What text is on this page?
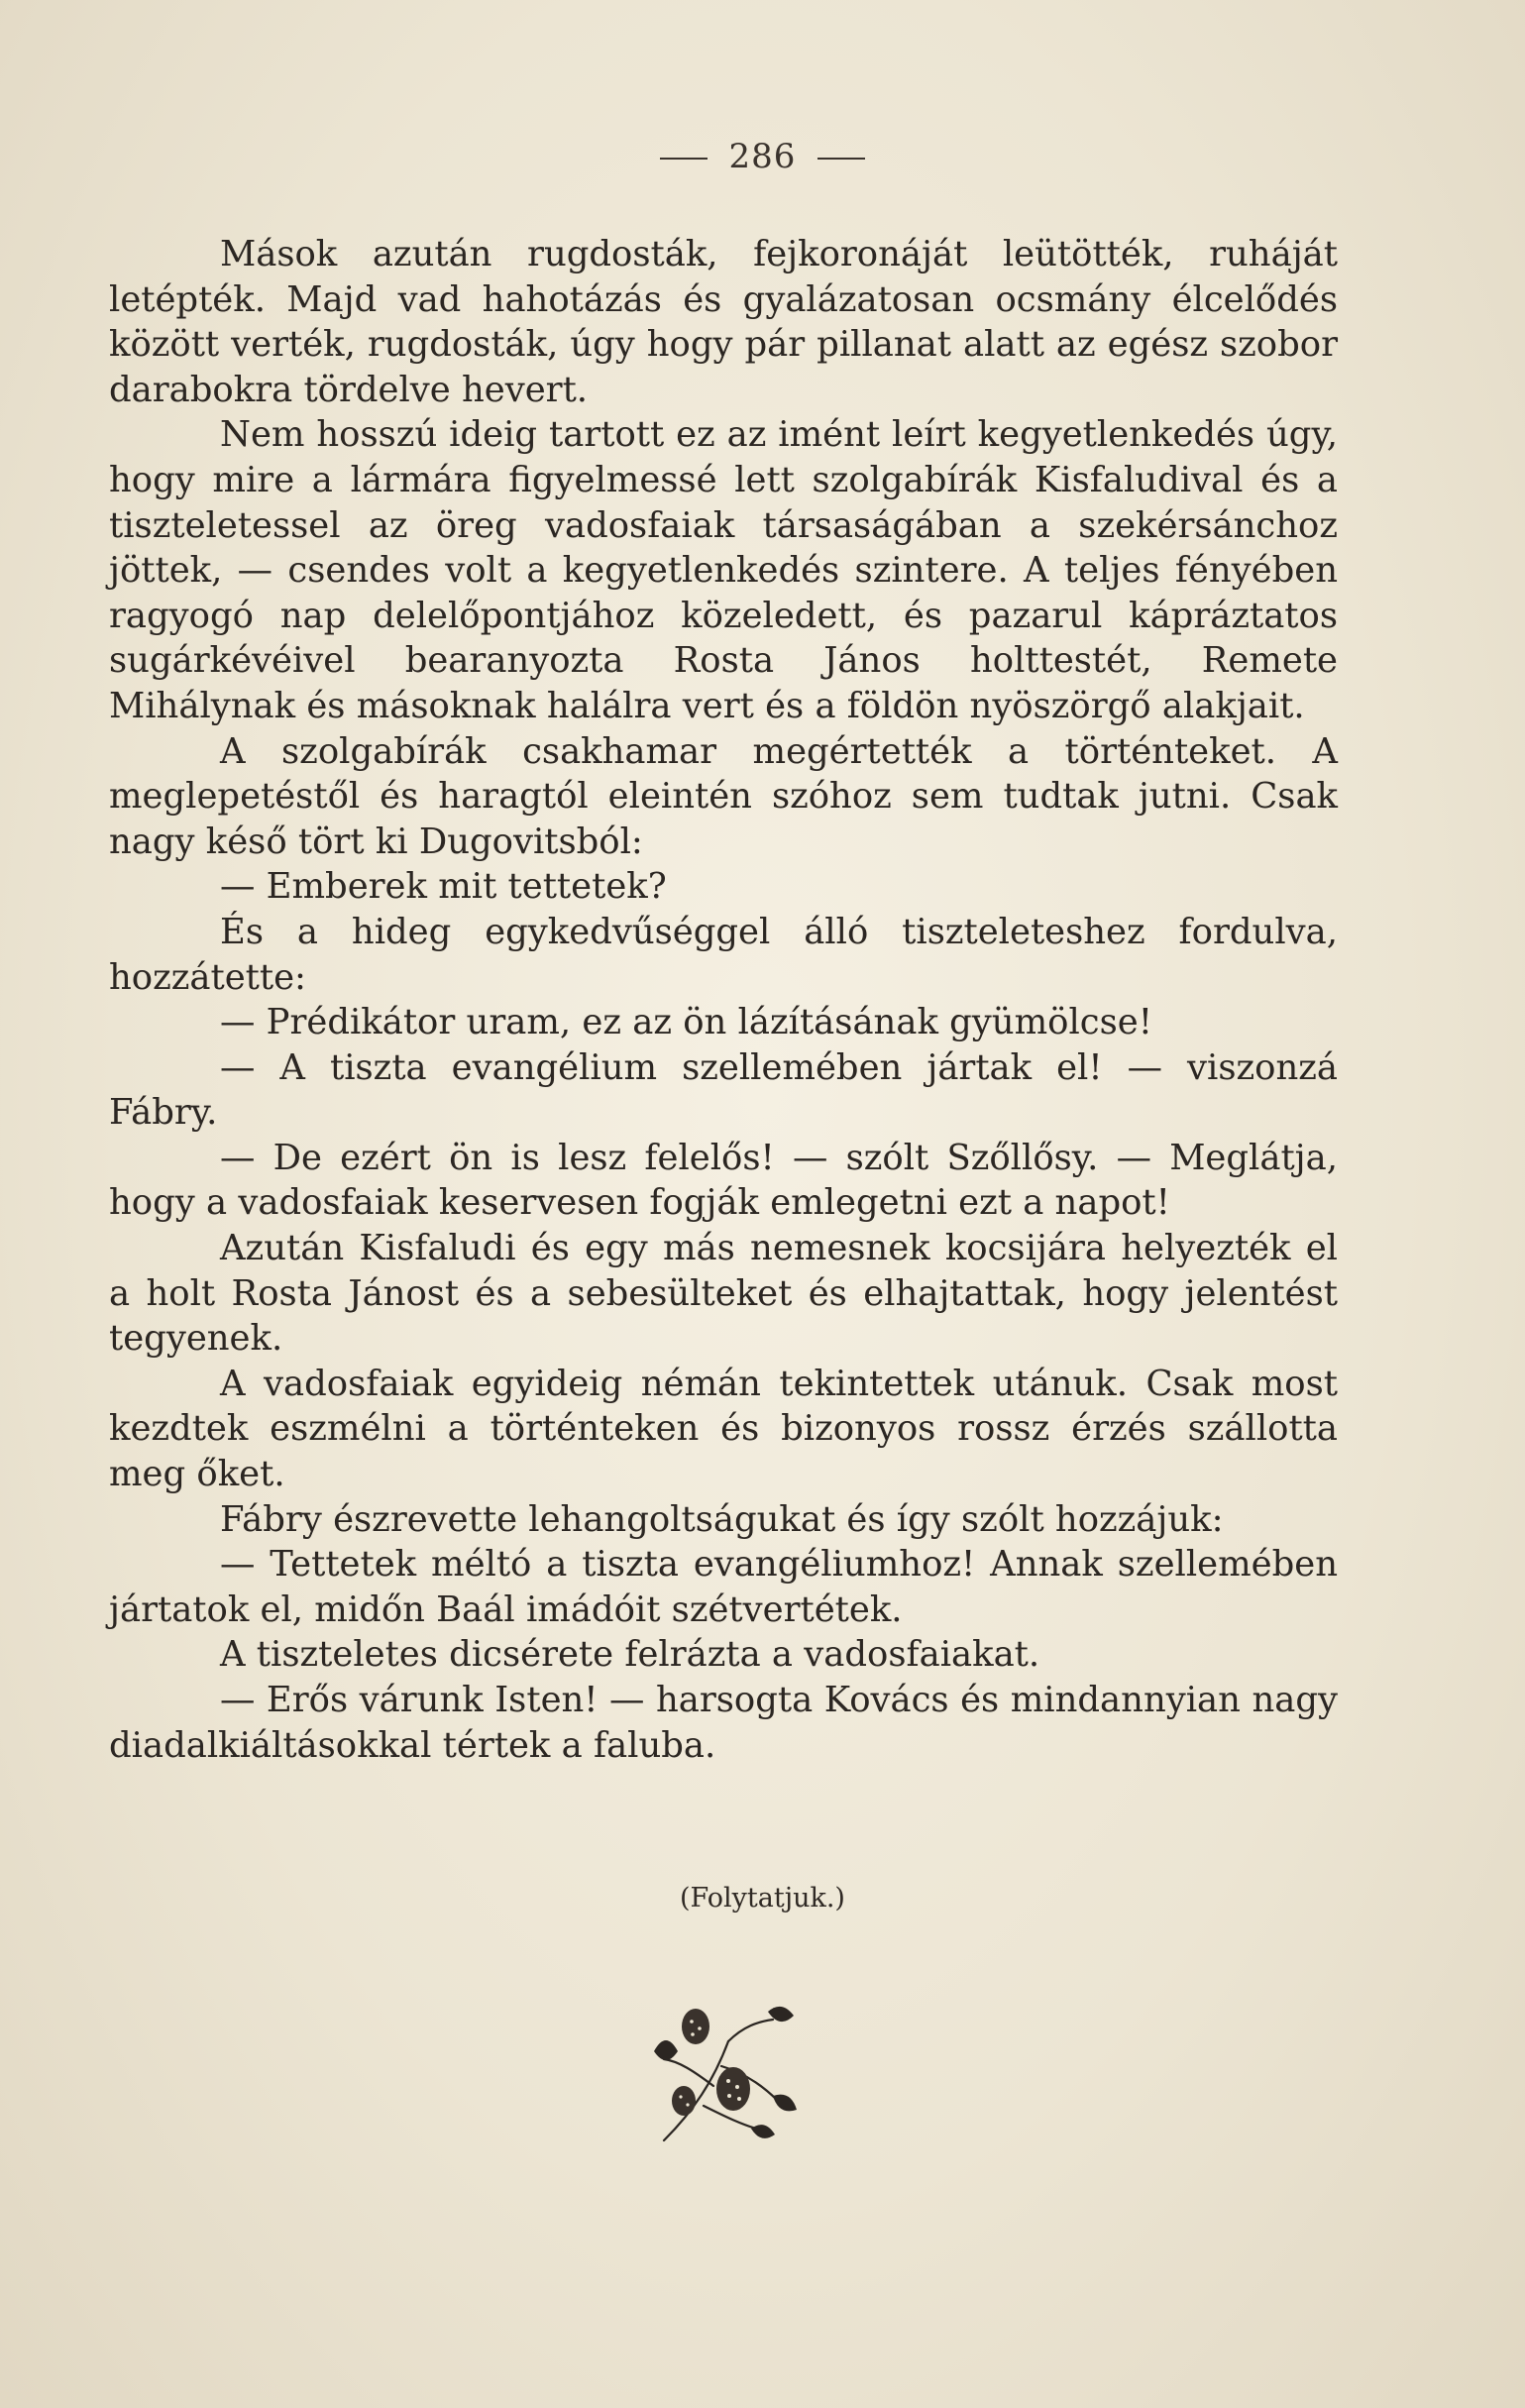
286

Mások azután rugdosták, fejkoronáját leütötték, ruháját letépték. Majd vad hahotázás és gyalázatosan ocsmány élcelődés között verték, rugdosták, úgy hogy pár pillanat alatt az egész szobor darabokra tördelve hevert.

Nem hosszú ideig tartott ez az imént leírt kegyetlenkedés úgy, hogy mire a lármára figyelmessé lett szolgabírák Kisfaludival és a tiszteletessel az öreg vadosfaiak társaságában a szekérsánchoz jöttek, — csendes volt a kegyetlenkedés szintere. A teljes fényében ragyogó nap delelőpontjához közeledett, és pazarul kápráztatos sugárkévéivel bearanyozta Rosta János holttestét, Remete Mihálynak és másoknak halálra vert és a földön nyöszörgő alakjait.

A szolgabírák csakhamar megértették a történteket. A meglepetéstől és haragtól eleintén szóhoz sem tudtak jutni. Csak nagy késő tört ki Dugovitsból:

— Emberek mit tettetek?

És a hideg egykedvűséggel álló tiszteleteshez fordulva, hozzátette:

— Prédikátor uram, ez az ön lázításának gyümölcse!

— A tiszta evangélium szellemében jártak el! — viszonzá Fábry.

— De ezért ön is lesz felelős! — szólt Szőllősy. — Meglátja, hogy a vadosfaiak keservesen fogják emlegetni ezt a napot!

Azután Kisfaludi és egy más nemesnek kocsijára helyezték el a holt Rosta Jánost és a sebesülteket és elhajtattak, hogy jelentést tegyenek.

A vadosfaiak egyideig némán tekintettek utánuk. Csak most kezdtek eszmélni a történteken és bizonyos rossz érzés szállotta meg őket.

Fábry észrevette lehangoltságukat és így szólt hozzájuk:

— Tettetek méltó a tiszta evangéliumhoz! Annak szellemében jártatok el, midőn Baál imádóit szétvertétek.

A tiszteletes dicsérete felrázta a vadosfaiakat.

— Erős várunk Isten! — harsogta Kovács és mindannyian nagy diadalkiáltásokkal tértek a faluba.

(Folytatjuk.)
